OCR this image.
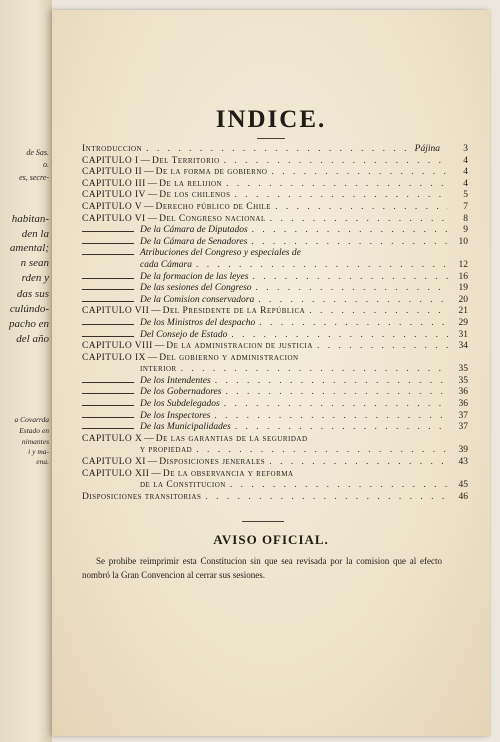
de Sas.
o.
es, secre-
habitan-
den la
amental;
n sean
rden y
das sus
culúndo-
pacho en
del año
a Covarrda
Estado en
nimantes
i y ma-
ena.
INDICE.
Introduccion . . .	Pájina	3
CAPITULO I — Del Territorio . . .	4
CAPITULO II — De la forma de gobierno . . .	4
CAPITULO III — De la relijion . . .	4
CAPITULO IV — De los chilenos . . .	5
CAPITULO V — Derecho público de Chile . . .	7
CAPITULO VI — Del Congreso nacional . . .	8
De la Cámara de Diputados . . .	9
De la Cámara de Senadores . . .	10
Atribuciones del Congreso y especiales de
cada Cámara . . .	12
De la formacion de las leyes . . .	16
De las sesiones del Congreso . . .	19
De la Comision conservadora . . .	20
CAPITULO VII — Del Presidente de la República . . .	21
De los Ministros del despacho . . .	29
Del Consejo de Estado . . .	31
CAPITULO VIII — De la administracion de justicia . . .	34
CAPITULO IX — Del gobierno y administracion
interior . . .	35
De los Intendentes . . .	35
De los Gobernadores . . .	36
De los Subdelegados . . .	36
De los Inspectores . . .	37
De las Municipalidades . . .	37
CAPITULO X — De las garantias de la seguridad
y propiedad . . .	39
CAPITULO XI — Disposiciones jenerales . . .	43
CAPITULO XII — De la observancia y reforma
de la Constitucion . . .	45
Disposiciones transitorias . . .	46
AVISO OFICIAL.
Se prohibe reimprimir esta Constitucion sin que sea revisada por la comision que al efecto nombró la Gran Convencion al cerrar sus sesiones.
